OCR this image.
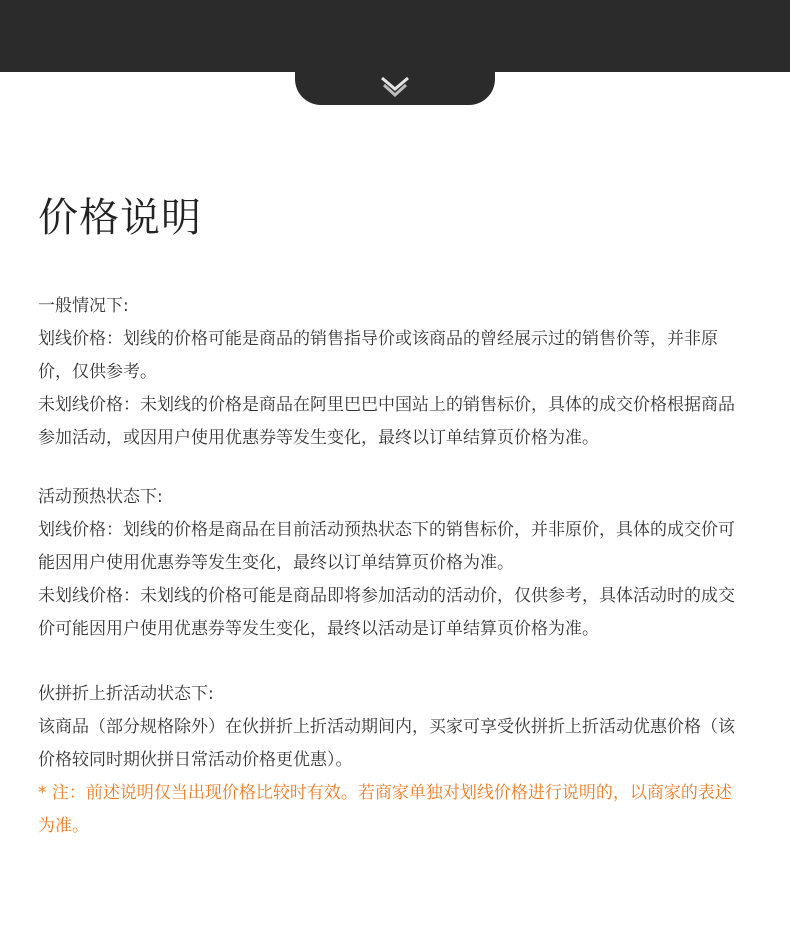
价格说明

一般情况下:

划线价格：划线的价格可能是商品的销售指导价或该商品的曾经展示过的销售价等，并非原价，仅供参考。

未划线价格：未划线的价格是商品在阿里巴巴中国站上的销售标价，具体的成交价格根据商品参加活动，或因用户使用优惠券等发生变化，最终以订单结算页价格为准。

活动预热状态下:

划线价格：划线的价格是商品在目前活动预热状态下的销售标价，并非原价，具体的成交价可能因用户使用优惠券等发生变化，最终以订单结算页价格为准。

未划线价格：未划线的价格可能是商品即将参加活动的活动价，仅供参考，具体活动时的成交价可能因用户使用优惠券等发生变化，最终以活动是订单结算页价格为准。

伙拼折上折活动状态下:

该商品（部分规格除外）在伙拼折上折活动期间内，买家可享受伙拼折上折活动优惠价格（该价格较同时期伙拼日常活动价格更优惠）。

* 注：前述说明仅当出现价格比较时有效。若商家单独对划线价格进行说明的，以商家的表述为准。
